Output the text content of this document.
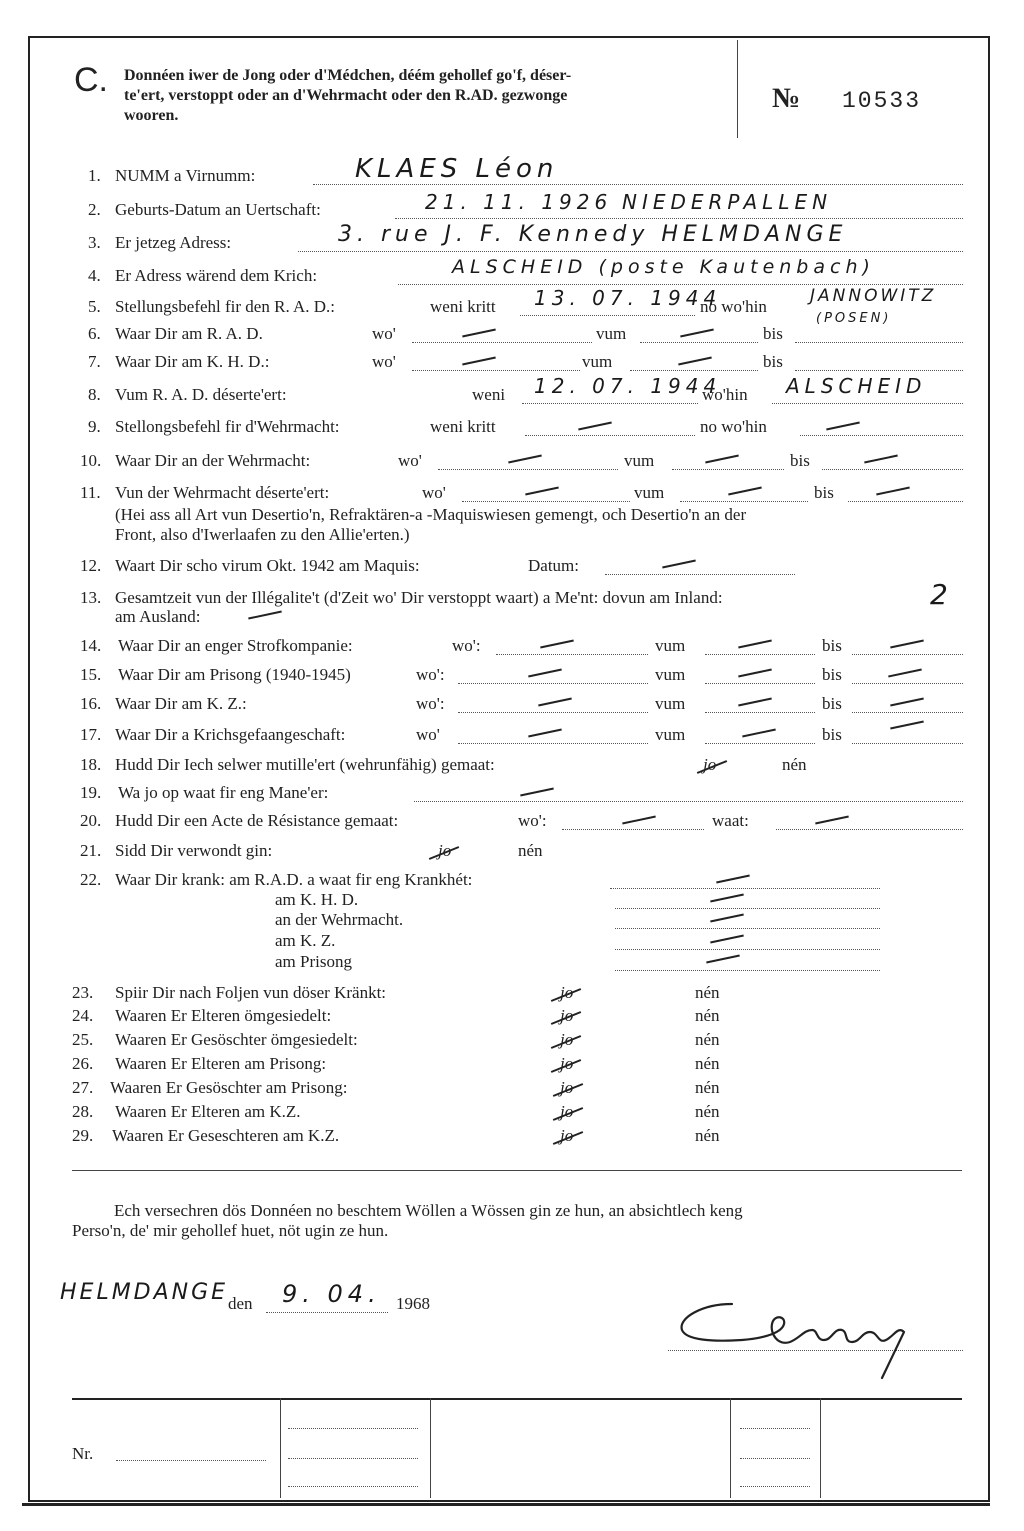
C. Donnéen iwer de Jong oder d'Médchen, déém gehollef go'f, déser-
te'ert, verstoppt oder an d'Wehrmacht oder den R.AD. gezwonge
wooren.
№ 10533
1. NUMM a Virnumm:	KLAES Léon
2. Geburts-Datum an Uertschaft:	21. 11. 1926 NIEDERPALLEN
3. Er jetzeg Adress:	3. rue J. F. Kennedy HELMDANGE
4. Er Adress wärend dem Krich:	ALSCHEID (poste Kautenbach)
5. Stellungsbefehl fir den R. A. D.:	weni kritt 13. 07. 1944
no wo'hin
JANNOWITZ
(POSEN)
6. Waar Dir am R. A. D.	wo'	vum	bis
7. Waar Dir am K. H. D.:	wo'	vum	bis
8. Vum R. A. D. déserte'ert:	weni 12. 07. 1944
wo'hin ALSCHEID
9. Stellongsbefehl fir d'Wehrmacht:	weni kritt	no wo'hin
10. Waar Dir an der Wehrmacht:	wo'	vum	bis
11. Vun der Wehrmacht déserte'ert:	wo'	vum	bis
(Hei ass all Art vun Desertio'n, Refraktären-a -Maquiswiesen gemengt, och Desertio'n an der
Front, also d'Iwerlaafen zu den Allie'erten.)
12. Waart Dir scho virum Okt. 1942 am Maquis:	Datum:
13. Gesamtzeit vun der Illégalite't (d'Zeit wo' Dir verstoppt waart) a Me'nt: dovun am Inland:	2
am Ausland:
14. Waar Dir an enger Strofkompanie:	wo':	vum	bis
15. Waar Dir am Prisong (1940-1945)	wo':	vum	bis
16. Waar Dir am K. Z.:	wo':	vum	bis
17. Waar Dir a Krichsgefaangeschaft:	wo'	vum	bis
18. Hudd Dir Iech selwer mutille'ert (wehrunfähig) gemaat:	jo	nén
19. Wa jo op waat fir eng Mane'er:
20. Hudd Dir een Acte de Résistance gemaat:	wo':	waat:
21. Sidd Dir verwondt gin:	jo	nén
22. Waar Dir krank: am R.A.D. a waat fir eng Krankhét:
am K. H. D.
an der Wehrmacht.
am K. Z.
am Prisong
23. Spiir Dir nach Foljen vun döser Kränkt:	jo	nén
24. Waaren Er Elteren ömgesiedelt:	jo	nén
25. Waaren Er Gesöschter ömgesiedelt:	jo	nén
26. Waaren Er Elteren am Prisong:	jo	nén
27. Waaren Er Gesöschter am Prisong:	jo	nén
28. Waaren Er Elteren am K.Z.	jo	nén
29. Waaren Er Geseschteren am K.Z.	jo	nén
Ech versechren dös Donnéen no beschtem Wöllen a Wössen gin ze hun, an absichtlech keng
Perso'n, de' mir gehollef huet, nöt ugin ze hun.
HELMDANGE den 9. 04. 1968
Nr.
